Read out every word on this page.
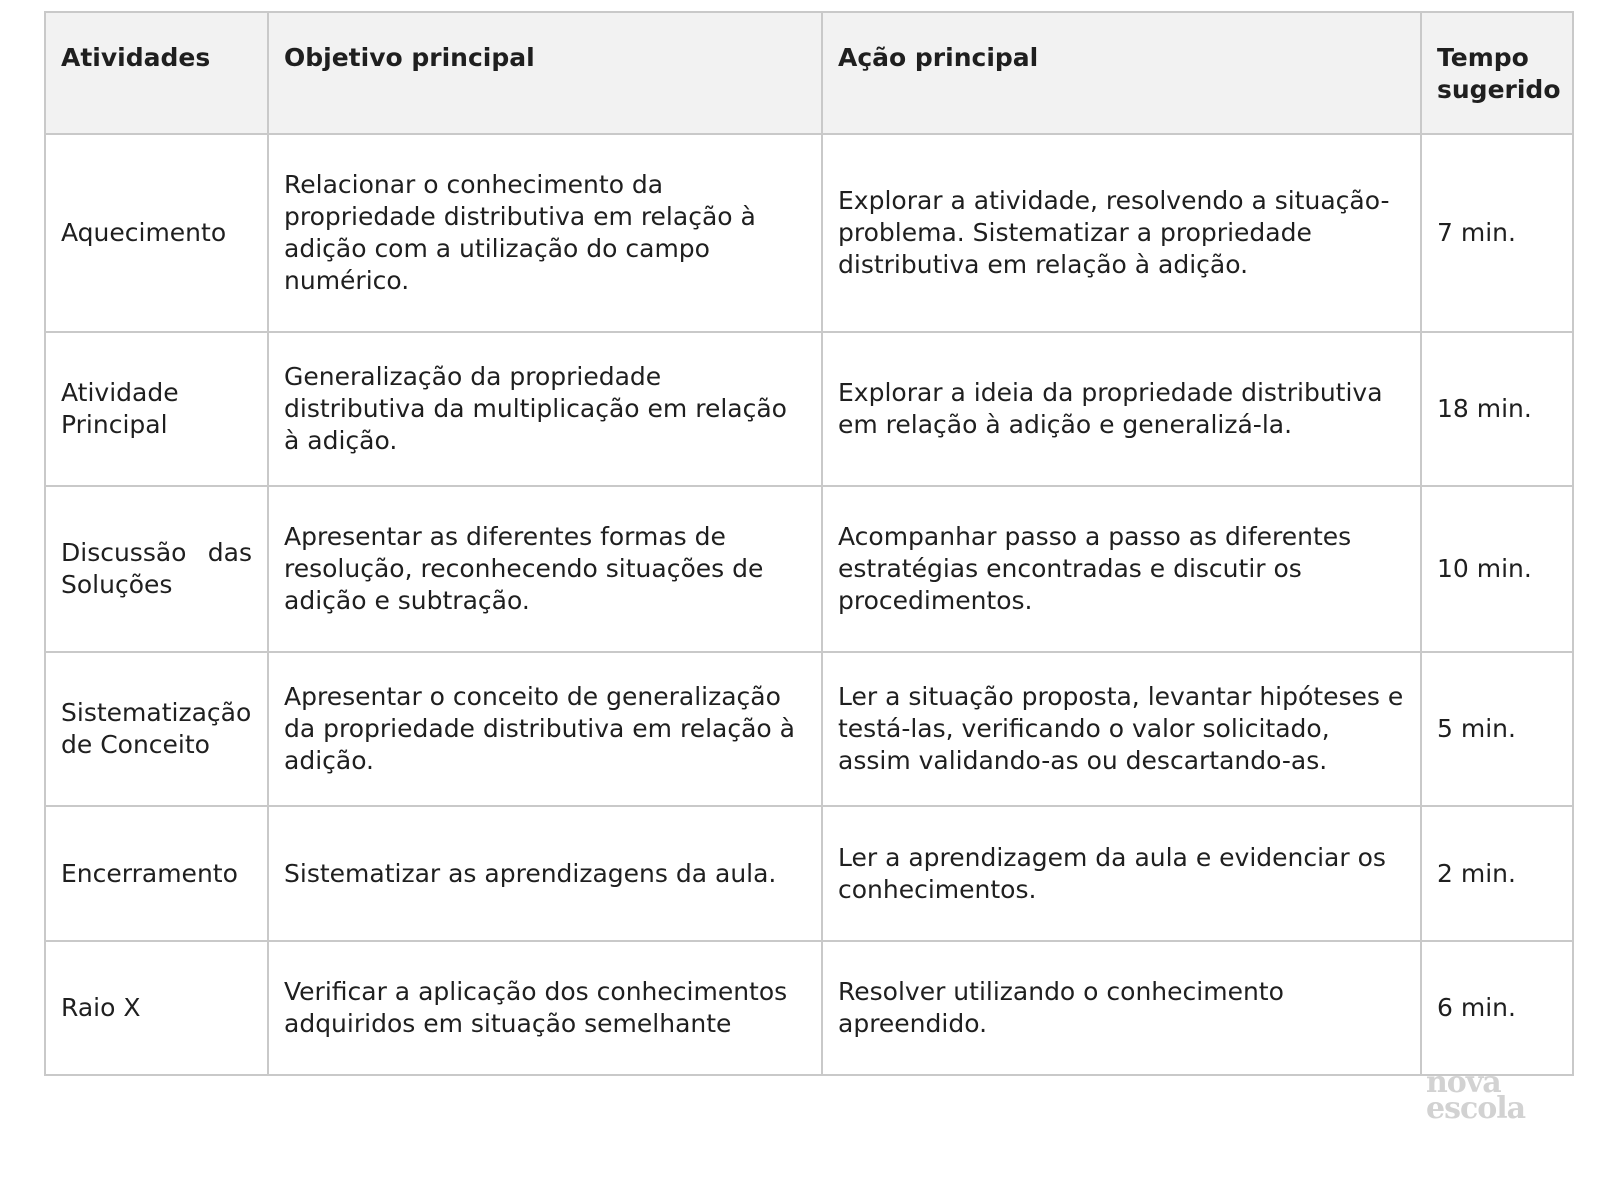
Atividades	Objetivo principal	Ação principal	Tempo sugerido
Aquecimento	Relacionar o conhecimento da propriedade distributiva em relação à adição com a utilização do campo numérico.	Explorar a atividade, resolvendo a situação-problema. Sistematizar a propriedade distributiva em relação à adição.	7 min.
Atividade Principal	Generalização da propriedade distributiva da multiplicação em relação à adição.	Explorar a ideia da propriedade distributiva em relação à adição e generalizá-la.	18 min.

Discussão das Soluções	Apresentar as diferentes formas de resolução, reconhecendo situações de adição e subtração.	Acompanhar passo a passo as diferentes estratégias encontradas e discutir os procedimentos.	10 min.
Sistematização de Conceito	Apresentar o conceito de generalização da propriedade distributiva em relação à adição.	Ler a situação proposta, levantar hipóteses e testá-las, verificando o valor solicitado, assim validando-as ou descartando-as.	5 min.
Encerramento	Sistematizar as aprendizagens da aula.	Ler a aprendizagem da aula e evidenciar os conhecimentos.	2 min.
Raio X	Verificar a aplicação dos conhecimentos adquiridos em situação semelhante	Resolver utilizando o conhecimento apreendido.	6 min.
nova
escola
